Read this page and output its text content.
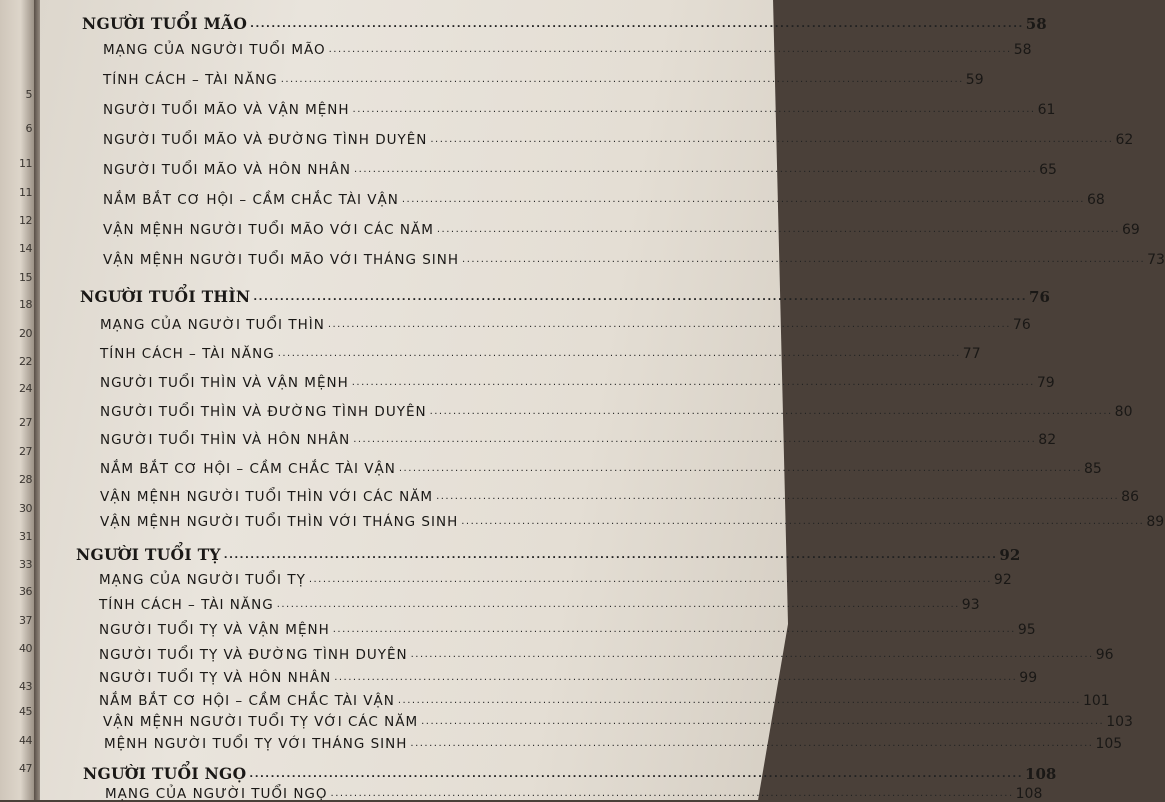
5
6
11
11
12
14
15
18
20
22
24
27
27
28
30
31
33
36
37
40
43
45
44
47
NGƯỜI TUỔI MÃO .................................................................................................................................................. 58
MẠNG CỦA NGƯỜI TUỔI MÃO .................................................................................................................................................. 58
TÍNH CÁCH – TÀI NĂNG .................................................................................................................................................. 59
NGƯỜI TUỔI MÃO VÀ VẬN MỆNH .................................................................................................................................................. 61
NGƯỜI TUỔI MÃO VÀ ĐƯỜNG TÌNH DUYÊN .................................................................................................................................................. 62
NGƯỜI TUỔI MÃO VÀ HÔN NHÂN .................................................................................................................................................. 65
NẮM BẮT CƠ HỘI – CẦM CHẮC TÀI VẬN .................................................................................................................................................. 68
VẬN MỆNH NGƯỜI TUỔI MÃO VỚI CÁC NĂM .................................................................................................................................................. 69
VẬN MỆNH NGƯỜI TUỔI MÃO VỚI THÁNG SINH .................................................................................................................................................. 73
NGƯỜI TUỔI THÌN .................................................................................................................................................. 76
MẠNG CỦA NGƯỜI TUỔI THÌN .................................................................................................................................................. 76
TÍNH CÁCH – TÀI NĂNG .................................................................................................................................................. 77
NGƯỜI TUỔI THÌN VÀ VẬN MỆNH .................................................................................................................................................. 79
NGƯỜI TUỔI THÌN VÀ ĐƯỜNG TÌNH DUYÊN .................................................................................................................................................. 80
NGƯỜI TUỔI THÌN VÀ HÔN NHÂN .................................................................................................................................................. 82
NẮM BẮT CƠ HỘI – CẦM CHẮC TÀI VẬN .................................................................................................................................................. 85
VẬN MỆNH NGƯỜI TUỔI THÌN VỚI CÁC NĂM .................................................................................................................................................. 86
VẬN MỆNH NGƯỜI TUỔI THÌN VỚI THÁNG SINH .................................................................................................................................................. 89
NGƯỜI TUỔI TỴ .................................................................................................................................................. 92
MẠNG CỦA NGƯỜI TUỔI TỴ .................................................................................................................................................. 92
TÍNH CÁCH – TÀI NĂNG .................................................................................................................................................. 93
NGƯỜI TUỔI TỴ VÀ VẬN MỆNH .................................................................................................................................................. 95
NGƯỜI TUỔI TỴ VÀ ĐƯỜNG TÌNH DUYÊN .................................................................................................................................................. 96
NGƯỜI TUỔI TỴ VÀ HÔN NHÂN .................................................................................................................................................. 99
NẮM BẮT CƠ HỘI – CẦM CHẮC TÀI VẬN .................................................................................................................................................. 101
VẬN MỆNH NGƯỜI TUỔI TỴ VỚI CÁC NĂM .................................................................................................................................................. 103
MỆNH NGƯỜI TUỔI TỴ VỚI THÁNG SINH .................................................................................................................................................. 105
NGƯỜI TUỔI NGỌ .................................................................................................................................................. 108
MẠNG CỦA NGƯỜI TUỔI NGỌ .................................................................................................................................................. 108
